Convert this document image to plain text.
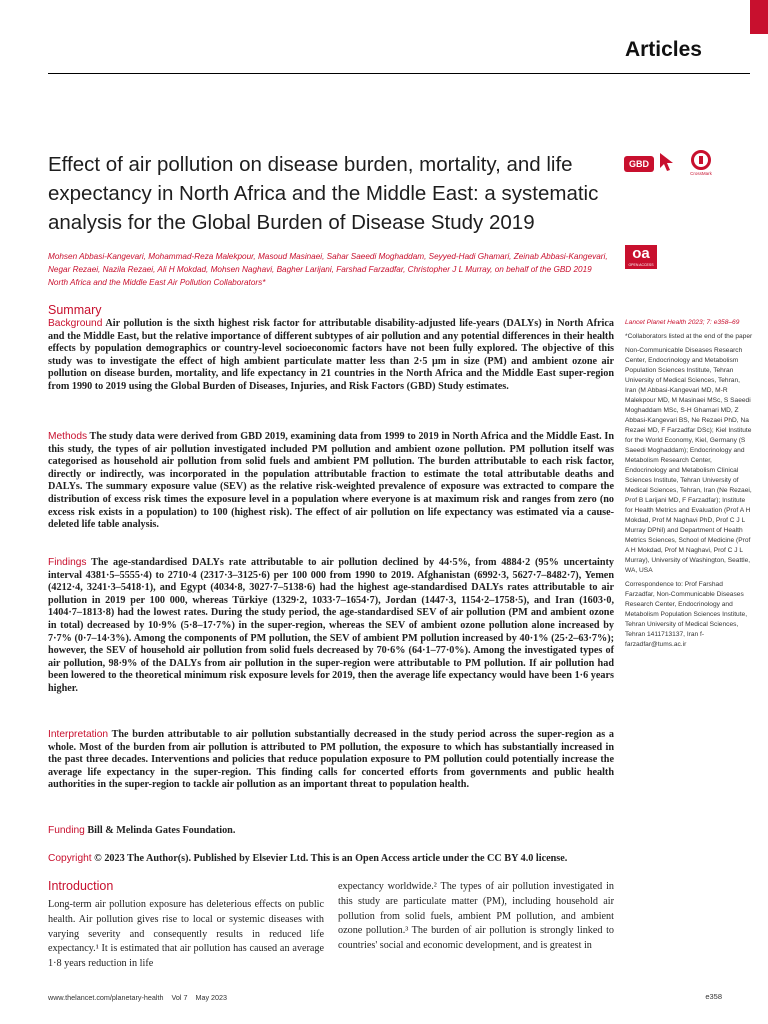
Articles
Effect of air pollution on disease burden, mortality, and life expectancy in North Africa and the Middle East: a systematic analysis for the Global Burden of Disease Study 2019

Mohsen Abbasi-Kangevari, Mohammad-Reza Malekpour, Masoud Masinaei, Sahar Saeedi Moghaddam, Seyyed-Hadi Ghamari, Zeinab Abbasi-Kangevari, Negar Rezaei, Nazila Rezaei, Ali H Mokdad, Mohsen Naghavi, Bagher Larijani, Farshad Farzadfar, Christopher J L Murray, on behalf of the GBD 2019 North Africa and the Middle East Air Pollution Collaborators*

GBD
CrossMark
oa
OPEN ACCESS
Summary

Background Air pollution is the sixth highest risk factor for attributable disability-adjusted life-years (DALYs) in North Africa and the Middle East, but the relative importance of different subtypes of air pollution and any potential differences in their health effects by population demographics or country-level socioeconomic factors have not been fully explored. The objective of this study was to investigate the effect of high ambient particulate matter less than 2·5 μm in size (PM) and ambient ozone air pollution on disease burden, mortality, and life expectancy in 21 countries in the North Africa and the Middle East super-region from 1990 to 2019 using the Global Burden of Diseases, Injuries, and Risk Factors (GBD) Study estimates.

Methods The study data were derived from GBD 2019, examining data from 1999 to 2019 in North Africa and the Middle East. In this study, the types of air pollution investigated included PM pollution and ambient ozone pollution. PM pollution itself was categorised as household air pollution from solid fuels and ambient PM pollution. The burden attributable to each risk factor, directly or indirectly, was incorporated in the population attributable fraction to estimate the total attributable deaths and DALYs. The summary exposure value (SEV) as the relative risk-weighted prevalence of exposure was extracted to compare the distribution of excess risk times the exposure level in a population where everyone is at maximum risk and ranges from zero (no excess risk exists in a population) to 100 (highest risk). The effect of air pollution on life expectancy was estimated via a cause-deleted life table analysis.

Findings The age-standardised DALYs rate attributable to air pollution declined by 44·5%, from 4884·2 (95% uncertainty interval 4381·5–5555·4) to 2710·4 (2317·3–3125·6) per 100 000 from 1990 to 2019. Afghanistan (6992·3, 5627·7–8482·7), Yemen (4212·4, 3241·3–5418·1), and Egypt (4034·8, 3027·7–5138·6) had the highest age-standardised DALYs rates attributable to air pollution in 2019 per 100 000, whereas Türkiye (1329·2, 1033·7–1654·7), Jordan (1447·3, 1154·2–1758·5), and Iran (1603·0, 1404·7–1813·8) had the lowest rates. During the study period, the age-standardised SEV of air pollution (PM and ambient ozone in total) decreased by 10·9% (5·8–17·7%) in the super-region, whereas the SEV of ambient ozone pollution alone increased by 7·7% (0·7–14·3%). Among the components of PM pollution, the SEV of ambient PM pollution increased by 40·1% (25·2–63·7%); however, the SEV of household air pollution from solid fuels decreased by 70·6% (64·1–77·0%). Among the investigated types of air pollution, 98·9% of the DALYs from air pollution in the super-region were attributable to PM pollution. If air pollution had been lowered to the theoretical minimum risk exposure levels for 2019, then the average life expectancy would have been 1·6 years higher.

Interpretation The burden attributable to air pollution substantially decreased in the study period across the super-region as a whole. Most of the burden from air pollution is attributed to PM pollution, the exposure to which has substantially increased in the past three decades. Interventions and policies that reduce population exposure to PM pollution could potentially increase the average life expectancy in the super-region. This finding calls for concerted efforts from governments and public health authorities in the super-region to tackle air pollution as an important threat to population health.

Funding Bill & Melinda Gates Foundation.

Copyright © 2023 The Author(s). Published by Elsevier Ltd. This is an Open Access article under the CC BY 4.0 license.

Introduction

Long-term air pollution exposure has deleterious effects on public health. Air pollution gives rise to local or systemic diseases with varying severity and consequently results in reduced life expectancy.¹ It is estimated that air pollution has caused an average 1·8 years reduction in life

expectancy worldwide.² The types of air pollution investigated in this study are particulate matter (PM), including household air pollution from solid fuels, ambient PM pollution, and ambient ozone pollution.³ The burden of air pollution is strongly linked to countries' social and economic development, and is greatest in

Lancet Planet Health 2023; 7: e358–69

*Collaborators listed at the end of the paper

Non-Communicable Diseases Research Center, Endocrinology and Metabolism Population Sciences Institute, Tehran University of Medical Sciences, Tehran, Iran (M Abbasi-Kangevari MD, M-R Malekpour MD, M Masinaei MSc, S Saeedi Moghaddam MSc, S-H Ghamari MD, Z Abbasi-Kangevari BS, Ne Rezaei PhD, Na Rezaei MD, F Farzadfar DSc); Kiel Institute for the World Economy, Kiel, Germany (S Saeedi Moghaddam); Endocrinology and Metabolism Research Center, Endocrinology and Metabolism Clinical Sciences Institute, Tehran University of Medical Sciences, Tehran, Iran (Ne Rezaei, Prof B Larijani MD, F Farzadfar); Institute for Health Metrics and Evaluation (Prof A H Mokdad, Prof M Naghavi PhD, Prof C J L Murray DPhil) and Department of Health Metrics Sciences, School of Medicine (Prof A H Mokdad, Prof M Naghavi, Prof C J L Murray), University of Washington, Seattle, WA, USA

Correspondence to: Prof Farshad Farzadfar, Non-Communicable Diseases Research Center, Endocrinology and Metabolism Population Sciences Institute, Tehran University of Medical Sciences, Tehran 1411713137, Iran f-farzadfar@tums.ac.ir

www.thelancet.com/planetary-health Vol 7 May 2023	e358
